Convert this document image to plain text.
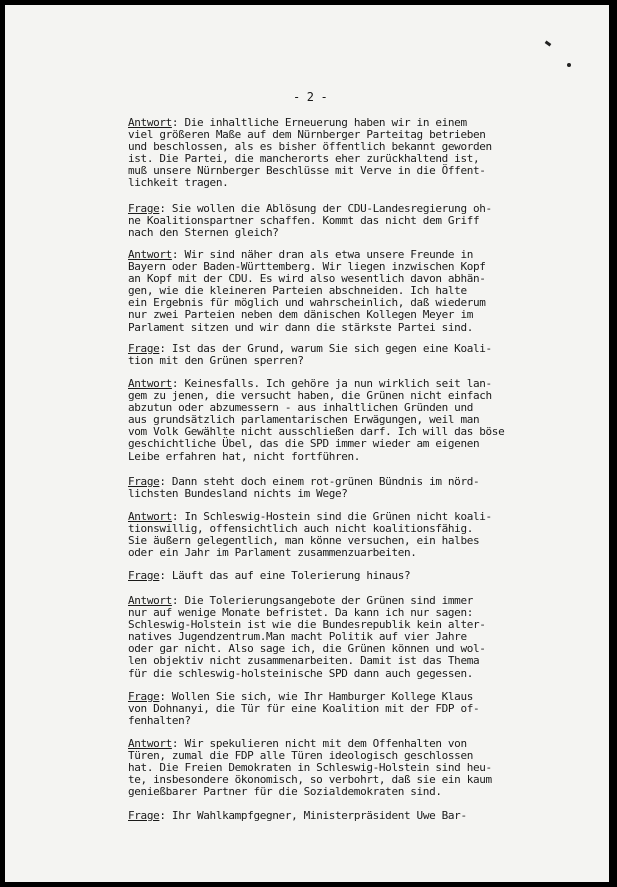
- 2 -
Antwort: Die inhaltliche Erneuerung haben wir in einem
viel größeren Maße auf dem Nürnberger Parteitag betrieben
und beschlossen, als es bisher öffentlich bekannt geworden
ist. Die Partei, die mancherorts eher zurückhaltend ist,
muß unsere Nürnberger Beschlüsse mit Verve in die Öffent-
lichkeit tragen.
Frage: Sie wollen die Ablösung der CDU-Landesregierung oh-
ne Koalitionspartner schaffen. Kommt das nicht dem Griff
nach den Sternen gleich?
Antwort: Wir sind näher dran als etwa unsere Freunde in
Bayern oder Baden-Württemberg. Wir liegen inzwischen Kopf
an Kopf mit der CDU. Es wird also wesentlich davon abhän-
gen, wie die kleineren Parteien abschneiden. Ich halte
ein Ergebnis für möglich und wahrscheinlich, daß wiederum
nur zwei Parteien neben dem dänischen Kollegen Meyer im
Parlament sitzen und wir dann die stärkste Partei sind.
Frage: Ist das der Grund, warum Sie sich gegen eine Koali-
tion mit den Grünen sperren?
Antwort: Keinesfalls. Ich gehöre ja nun wirklich seit lan-
gem zu jenen, die versucht haben, die Grünen nicht einfach
abzutun oder abzumessern - aus inhaltlichen Gründen und
aus grundsätzlich parlamentarischen Erwägungen, weil man
vom Volk Gewählte nicht ausschließen darf. Ich will das böse
geschichtliche Übel, das die SPD immer wieder am eigenen
Leibe erfahren hat, nicht fortführen.
Frage: Dann steht doch einem rot-grünen Bündnis im nörd-
lichsten Bundesland nichts im Wege?
Antwort: In Schleswig-Hostein sind die Grünen nicht koali-
tionswillig, offensichtlich auch nicht koalitionsfähig.
Sie äußern gelegentlich, man könne versuchen, ein halbes
oder ein Jahr im Parlament zusammenzuarbeiten.
Frage: Läuft das auf eine Tolerierung hinaus?
Antwort: Die Tolerierungsangebote der Grünen sind immer
nur auf wenige Monate befristet. Da kann ich nur sagen:
Schleswig-Holstein ist wie die Bundesrepublik kein alter-
natives Jugendzentrum.Man macht Politik auf vier Jahre
oder gar nicht. Also sage ich, die Grünen können und wol-
len objektiv nicht zusammenarbeiten. Damit ist das Thema
für die schleswig-holsteinische SPD dann auch gegessen.
Frage: Wollen Sie sich, wie Ihr Hamburger Kollege Klaus
von Dohnanyi, die Tür für eine Koalition mit der FDP of-
fenhalten?
Antwort: Wir spekulieren nicht mit dem Offenhalten von
Türen, zumal die FDP alle Türen ideologisch geschlossen
hat. Die Freien Demokraten in Schleswig-Holstein sind heu-
te, insbesondere ökonomisch, so verbohrt, daß sie ein kaum
genießbarer Partner für die Sozialdemokraten sind.
Frage: Ihr Wahlkampfgegner, Ministerpräsident Uwe Bar-
